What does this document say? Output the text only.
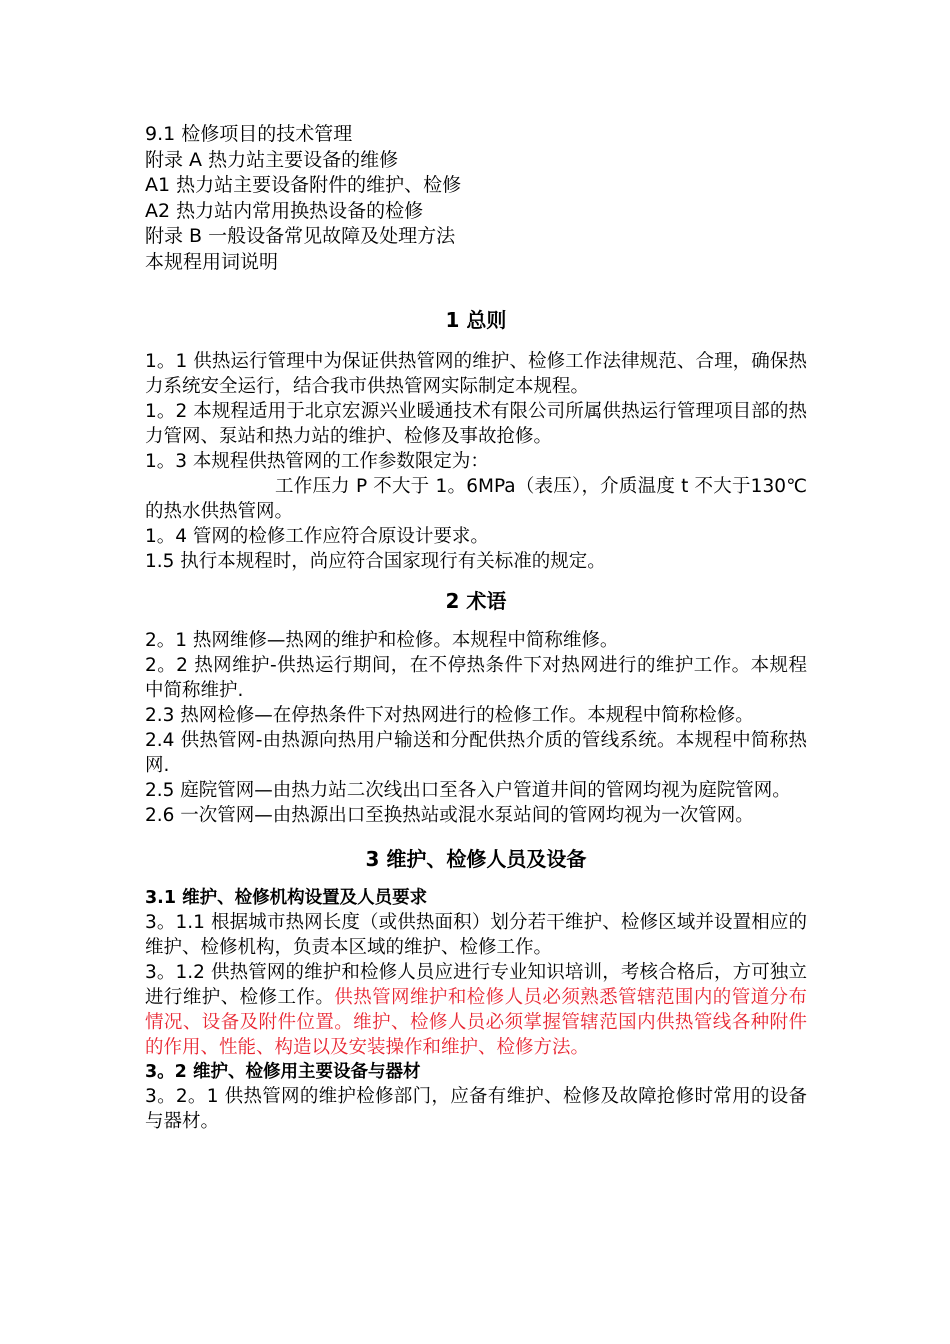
9.1 检修项目的技术管理
附录 A 热力站主要设备的维修
A1 热力站主要设备附件的维护、检修
A2 热力站内常用换热设备的检修
附录 B 一般设备常见故障及处理方法
本规程用词说明
1 总则
1。1 供热运行管理中为保证供热管网的维护、检修工作法律规范、合理，确保热力系统安全运行，结合我市供热管网实际制定本规程。
1。2 本规程适用于北京宏源兴业暖通技术有限公司所属供热运行管理项目部的热力管网、泵站和热力站的维护、检修及事故抢修。
1。3 本规程供热管网的工作参数限定为：
工作压力 P 不大于 1。6MPa（表压），介质温度 t 不大于130℃的热水供热管网。
1。4 管网的检修工作应符合原设计要求。
1.5 执行本规程时，尚应符合国家现行有关标准的规定。
2 术语
2。1 热网维修—热网的维护和检修。本规程中简称维修。
2。2 热网维护-供热运行期间，在不停热条件下对热网进行的维护工作。本规程中简称维护.
2.3 热网检修—在停热条件下对热网进行的检修工作。本规程中简称检修。
2.4 供热管网-由热源向热用户输送和分配供热介质的管线系统。本规程中简称热网.
2.5 庭院管网—由热力站二次线出口至各入户管道井间的管网均视为庭院管网。
2.6 一次管网—由热源出口至换热站或混水泵站间的管网均视为一次管网。
3 维护、检修人员及设备
3.1 维护、检修机构设置及人员要求
3。1.1 根据城市热网长度（或供热面积）划分若干维护、检修区域并设置相应的维护、检修机构，负责本区域的维护、检修工作。
3。1.2 供热管网的维护和检修人员应进行专业知识培训，考核合格后，方可独立进行维护、检修工作。供热管网维护和检修人员必须熟悉管辖范围内的管道分布情况、设备及附件位置。维护、检修人员必须掌握管辖范国内供热管线各种附件的作用、性能、构造以及安装操作和维护、检修方法。
3。2 维护、检修用主要设备与器材
3。2。1 供热管网的维护检修部门，应备有维护、检修及故障抢修时常用的设备与器材。
